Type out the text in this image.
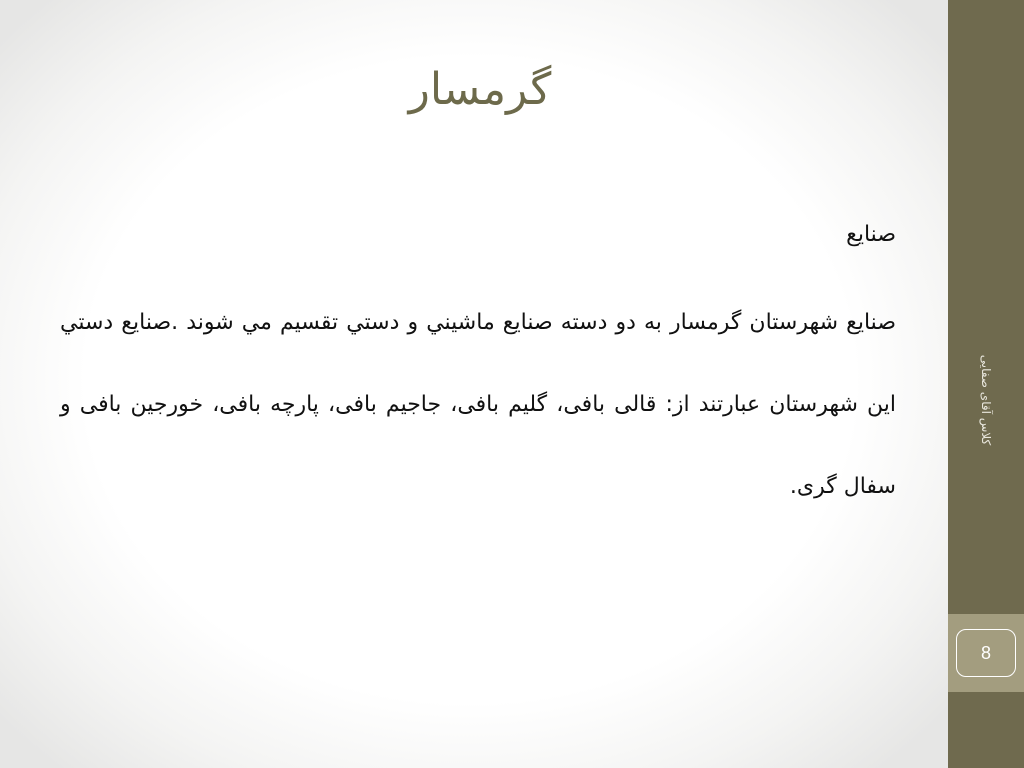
گرمسار
صنایع

صنايع شهرستان گرمسار به دو دسته صنايع ماشيني و دستي تقسيم مي شوند .صنايع دستي اين شهرستان عبارتند از: قالی بافی، گلیم بافی، جاجیم بافی، پارچه بافی، خورجین بافی و سفال گری.

کلاس آقای صفایی
8
